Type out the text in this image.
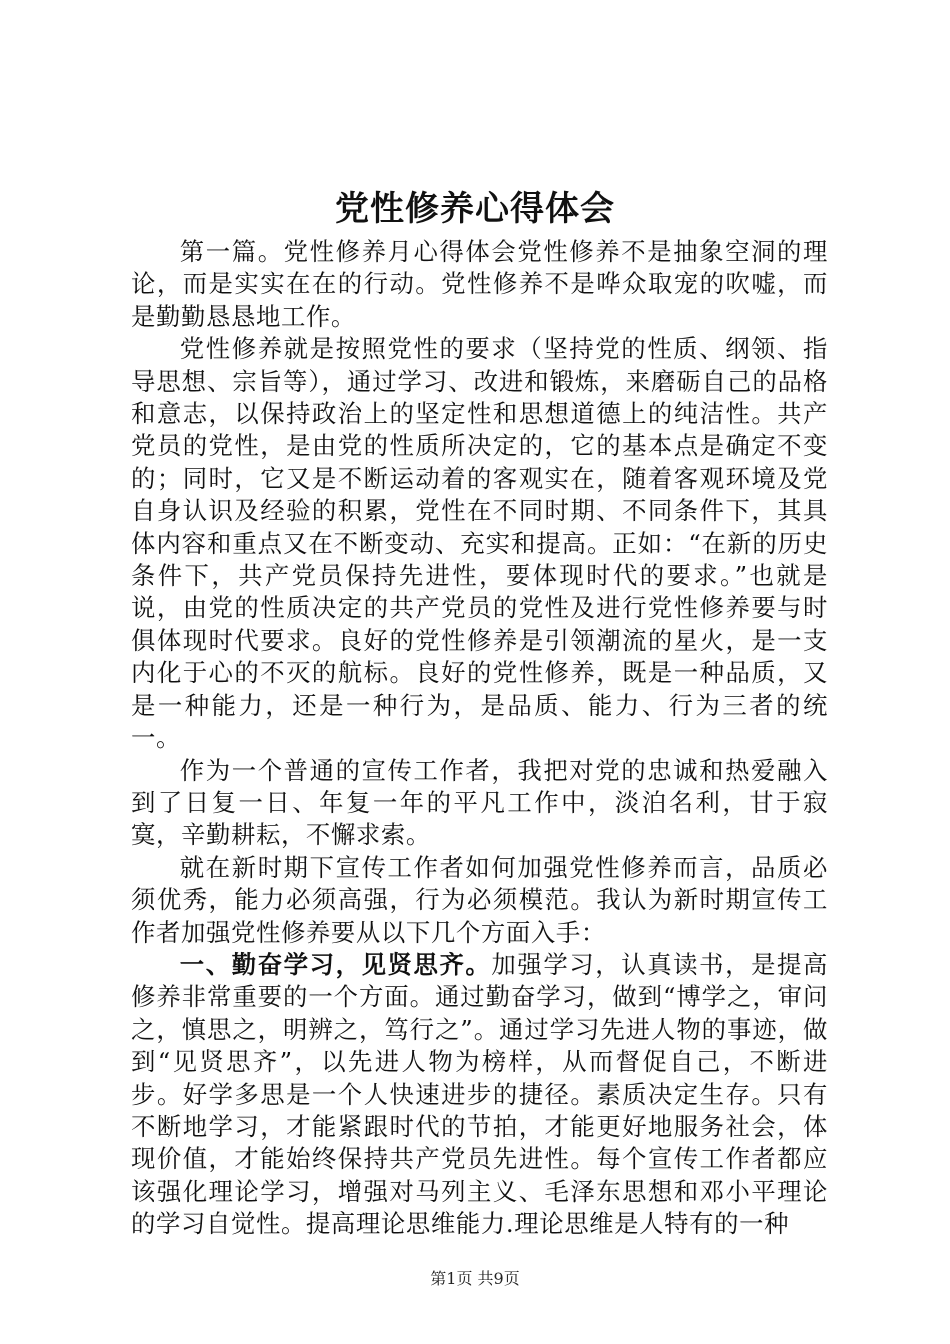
党性修养心得体会

第一篇。党性修养月心得体会党性修养不是抽象空洞的理论，而是实实在在的行动。党性修养不是哗众取宠的吹嘘，而是勤勤恳恳地工作。

党性修养就是按照党性的要求（坚持党的性质、纲领、指导思想、宗旨等），通过学习、改进和锻炼，来磨砺自己的品格和意志，以保持政治上的坚定性和思想道德上的纯洁性。共产党员的党性，是由党的性质所决定的，它的基本点是确定不变的；同时，它又是不断运动着的客观实在，随着客观环境及党自身认识及经验的积累，党性在不同时期、不同条件下，其具体内容和重点又在不断变动、充实和提高。正如：“在新的历史条件下，共产党员保持先进性，要体现时代的要求。”也就是说，由党的性质决定的共产党员的党性及进行党性修养要与时俱体现时代要求。良好的党性修养是引领潮流的星火，是一支内化于心的不灭的航标。良好的党性修养，既是一种品质，又是一种能力，还是一种行为，是品质、能力、行为三者的统一。

作为一个普通的宣传工作者，我把对党的忠诚和热爱融入到了日复一日、年复一年的平凡工作中，淡泊名利，甘于寂寞，辛勤耕耘，不懈求索。

就在新时期下宣传工作者如何加强党性修养而言，品质必须优秀，能力必须高强，行为必须模范。我认为新时期宣传工作者加强党性修养要从以下几个方面入手：

一、勤奋学习，见贤思齐。加强学习，认真读书，是提高修养非常重要的一个方面。通过勤奋学习，做到“博学之，审问之，慎思之，明辨之，笃行之”。通过学习先进人物的事迹，做到“见贤思齐”，以先进人物为榜样，从而督促自己，不断进步。好学多思是一个人快速进步的捷径。素质决定生存。只有不断地学习，才能紧跟时代的节拍，才能更好地服务社会，体现价值，才能始终保持共产党员先进性。每个宣传工作者都应该强化理论学习，增强对马列主义、毛泽东思想和邓小平理论的学习自觉性。提高理论思维能力.理论思维是人特有的一种

第1页 共9页
